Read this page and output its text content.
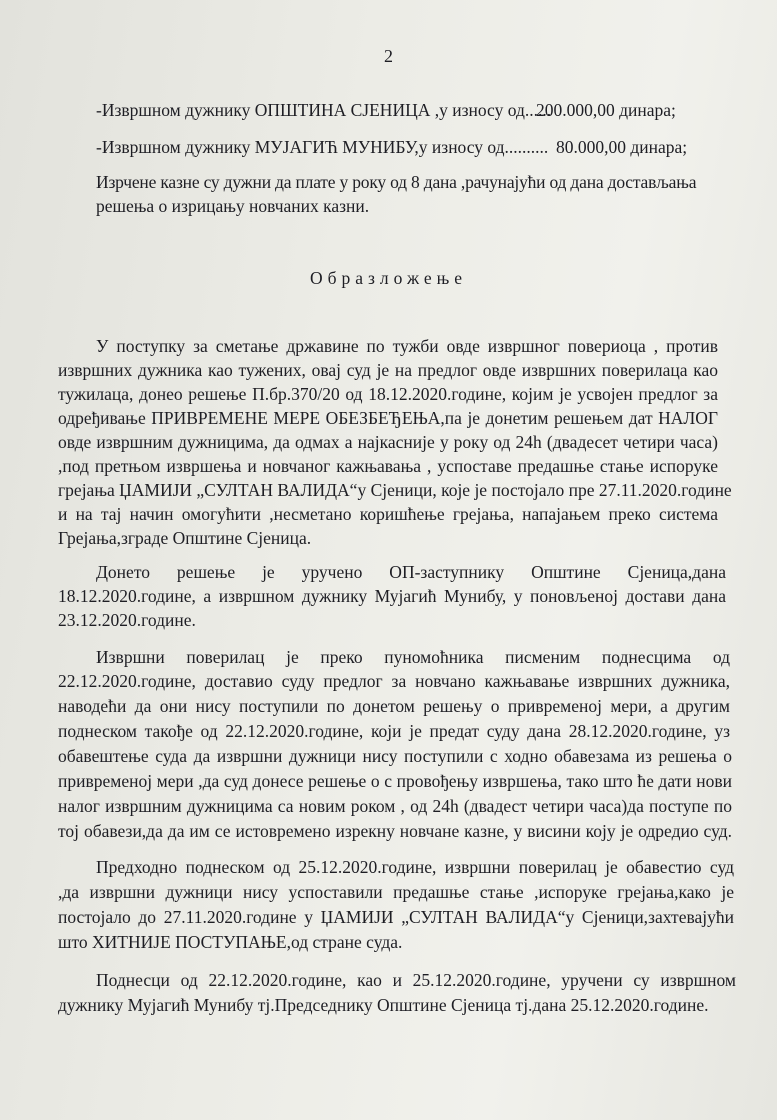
2
-Извршном дужнику ОПШТИНА СЈЕНИЦА ,у износу од......
200.000,00 динара;
-Извршном дужнику МУЈАГИЋ МУНИБУ,у износу од.......... 80.000,00 динара;
Изрчене казне су дужни да плате у року од 8 дана ,рачунајући од дана достављања
решења о изрицању новчаних казни.
Образложење
У поступку за сметање државине по тужби овде извршног повериоца , против
извршних дужника као тужених, овај суд је на предлог овде извршних поверилаца као
тужилаца, донео решење П.бр.370/20 од 18.12.2020.године, којим је усвојен предлог за
одређивање ПРИВРЕМЕНЕ МЕРЕ ОБЕЗБЕЂЕЊА,па је донетим решењем дат НАЛОГ
овде извршним дужницима, да одмах а најкасније у року од 24h (двадесет четири часа)
,под претњом извршења и новчаног кажњавања , успоставе предашње стање испоруке
грејања ЏАМИЈИ „СУЛТАН ВАЛИДА“у Сјеници, које је постојало пре 27.11.2020.године
и на тај начин омогућити ,несметано коришћење грејања, напајањем преко система
Грејања,зграде Општине Сјеница.
Донето решење је уручено ОП-заступнику Општине Сјеница,дана
18.12.2020.године, а извршном дужнику Мујагић Мунибу, у поновљеној достави дана
23.12.2020.године.
Извршни поверилац је преко пуномоћника писменим поднесцима од
22.12.2020.године, доставио суду предлог за новчано кажњавање извршних дужника,
наводећи да они нису поступили по донетом решењу о привременој мери, а другим
поднеском такође од 22.12.2020.године, који је предат суду дана 28.12.2020.године, уз
обавештење суда да извршни дужници нису поступили с ходно обавезама из решења о
привременој мери ,да суд донесе решење о с провођењу извршења, тако што ће дати нови
налог извршним дужницима са новим роком , од 24h (двадест четири часа)да поступе по
тој обавези,да да им се истовремено изрекну новчане казне, у висини коју је одредио суд.
Предходно поднеском од 25.12.2020.године, извршни поверилац је обавестио суд
,да извршни дужници нису успоставили предашње стање ,испоруке грејања,како је
постојало до 27.11.2020.године у ЏАМИЈИ „СУЛТАН ВАЛИДА“у Сјеници,захтевајући
што ХИТНИЈЕ ПОСТУПАЊЕ,од стране суда.
Поднесци од 22.12.2020.године, као и 25.12.2020.године, уручени су извршном
дужнику Мујагић Мунибу тј.Председнику Општине Сјеница тј.дана 25.12.2020.године.
